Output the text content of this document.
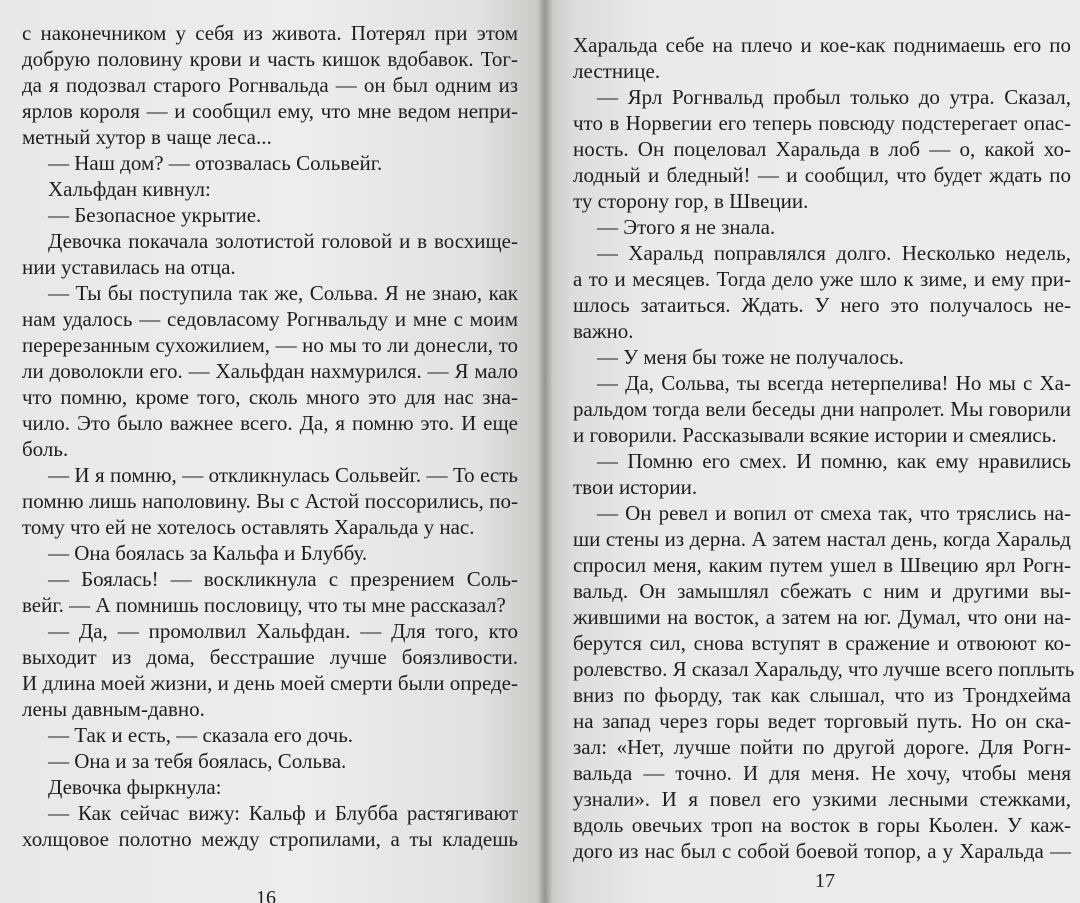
с наконечником у себя из живота. Потерял при этом
добрую половину крови и часть кишок вдобавок. Тог-
да я подозвал старого Рогнвальда — он был одним из
ярлов короля — и сообщил ему, что мне ведом непри-
метный хутор в чаще леса...
— Наш дом? — отозвалась Сольвейг.
Хальфдан кивнул:
— Безопасное укрытие.
Девочка покачала золотистой головой и в восхище-
нии уставилась на отца.
— Ты бы поступила так же, Сольва. Я не знаю, как
нам удалось — седовласому Рогнвальду и мне с моим
перерезанным сухожилием, — но мы то ли донесли, то
ли доволокли его. — Хальфдан нахмурился. — Я мало
что помню, кроме того, сколь много это для нас зна-
чило. Это было важнее всего. Да, я помню это. И еще
боль.
— И я помню, — откликнулась Сольвейг. — То есть
помню лишь наполовину. Вы с Астой поссорились, по-
тому что ей не хотелось оставлять Харальда у нас.
— Она боялась за Кальфа и Блуббу.
— Боялась! — воскликнула с презрением Соль-
вейг. — А помнишь пословицу, что ты мне рассказал?
— Да, — промолвил Хальфдан. — Для того, кто
выходит из дома, бесстрашие лучше боязливости.
И длина моей жизни, и день моей смерти были опреде-
лены давным-давно.
— Так и есть, — сказала его дочь.
— Она и за тебя боялась, Сольва.
Девочка фыркнула:
— Как сейчас вижу: Кальф и Блубба растягивают
холщовое полотно между стропилами, а ты кладешь
16
Харальда себе на плечо и кое-как поднимаешь его по
лестнице.
— Ярл Рогнвальд пробыл только до утра. Сказал,
что в Норвегии его теперь повсюду подстерегает опас-
ность. Он поцеловал Харальда в лоб — о, какой хо-
лодный и бледный! — и сообщил, что будет ждать по
ту сторону гор, в Швеции.
— Этого я не знала.
— Харальд поправлялся долго. Несколько недель,
а то и месяцев. Тогда дело уже шло к зиме, и ему при-
шлось затаиться. Ждать. У него это получалось не-
важно.
— У меня бы тоже не получалось.
— Да, Сольва, ты всегда нетерпелива! Но мы с Ха-
ральдом тогда вели беседы дни напролет. Мы говорили
и говорили. Рассказывали всякие истории и смеялись.
— Помню его смех. И помню, как ему нравились
твои истории.
— Он ревел и вопил от смеха так, что тряслись на-
ши стены из дерна. А затем настал день, когда Харальд
спросил меня, каким путем ушел в Швецию ярл Рогн-
вальд. Он замышлял сбежать с ним и другими вы-
жившими на восток, а затем на юг. Думал, что они на-
берутся сил, снова вступят в сражение и отвоюют ко-
ролевство. Я сказал Харальду, что лучше всего поплыть
вниз по фьорду, так как слышал, что из Трондхейма
на запад через горы ведет торговый путь. Но он ска-
зал: «Нет, лучше пойти по другой дороге. Для Рогн-
вальда — точно. И для меня. Не хочу, чтобы меня
узнали». И я повел его узкими лесными стежками,
вдоль овечьих троп на восток в горы Кьолен. У каж-
дого из нас был с собой боевой топор, а у Харальда —
17
